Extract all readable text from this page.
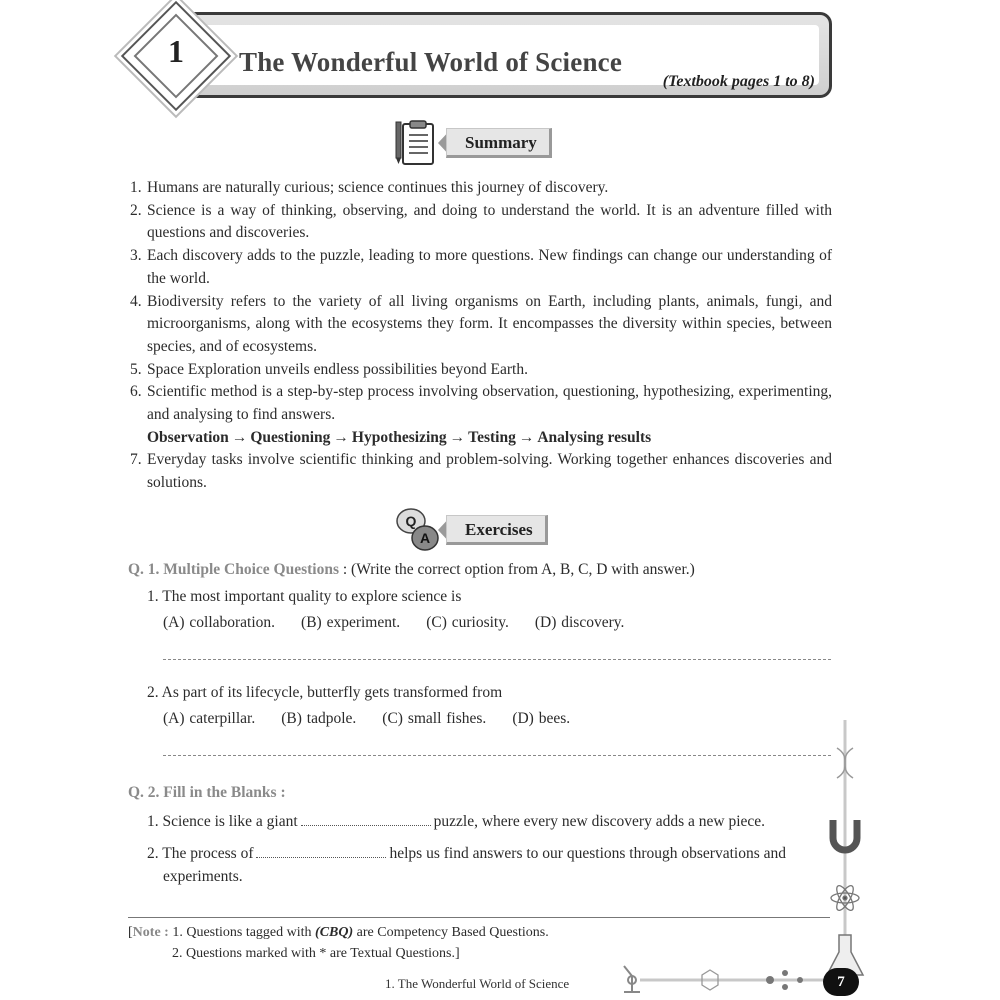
The Wonderful World of Science
(Textbook pages 1 to 8)
1
Summary
1. Humans are naturally curious; science continues this journey of discovery.
2. Science is a way of thinking, observing, and doing to understand the world. It is an adventure filled with questions and discoveries.
3. Each discovery adds to the puzzle, leading to more questions. New findings can change our understanding of the world.
4. Biodiversity refers to the variety of all living organisms on Earth, including plants, animals, fungi, and microorganisms, along with the ecosystems they form. It encompasses the diversity within species, between species, and of ecosystems.
5. Space Exploration unveils endless possibilities beyond Earth.
6. Scientific method is a step-by-step process involving observation, questioning, hypothesizing, experimenting, and analysing to find answers.
Observation → Questioning → Hypothesizing → Testing → Analysing results
7. Everyday tasks involve scientific thinking and problem-solving. Working together enhances discoveries and solutions.
Q
A	Exercises
Q. 1. Multiple Choice Questions : (Write the correct option from A, B, C, D with answer.)
1. The most important quality to explore science is
(A) collaboration. (B) experiment. (C) curiosity. (D) discovery.
2. As part of its lifecycle, butterfly gets transformed from
(A) caterpillar. (B) tadpole. (C) small fishes. (D) bees.
Q. 2. Fill in the Blanks :
1. Science is like a giant	puzzle, where every new discovery adds a new piece.
2. The process of	helps us find answers to our questions through observations and
experiments.
[Note : 1. Questions tagged with (CBQ) are Competency Based Questions.
2. Questions marked with * are Textual Questions.]
1. The Wonderful World of Science	7
